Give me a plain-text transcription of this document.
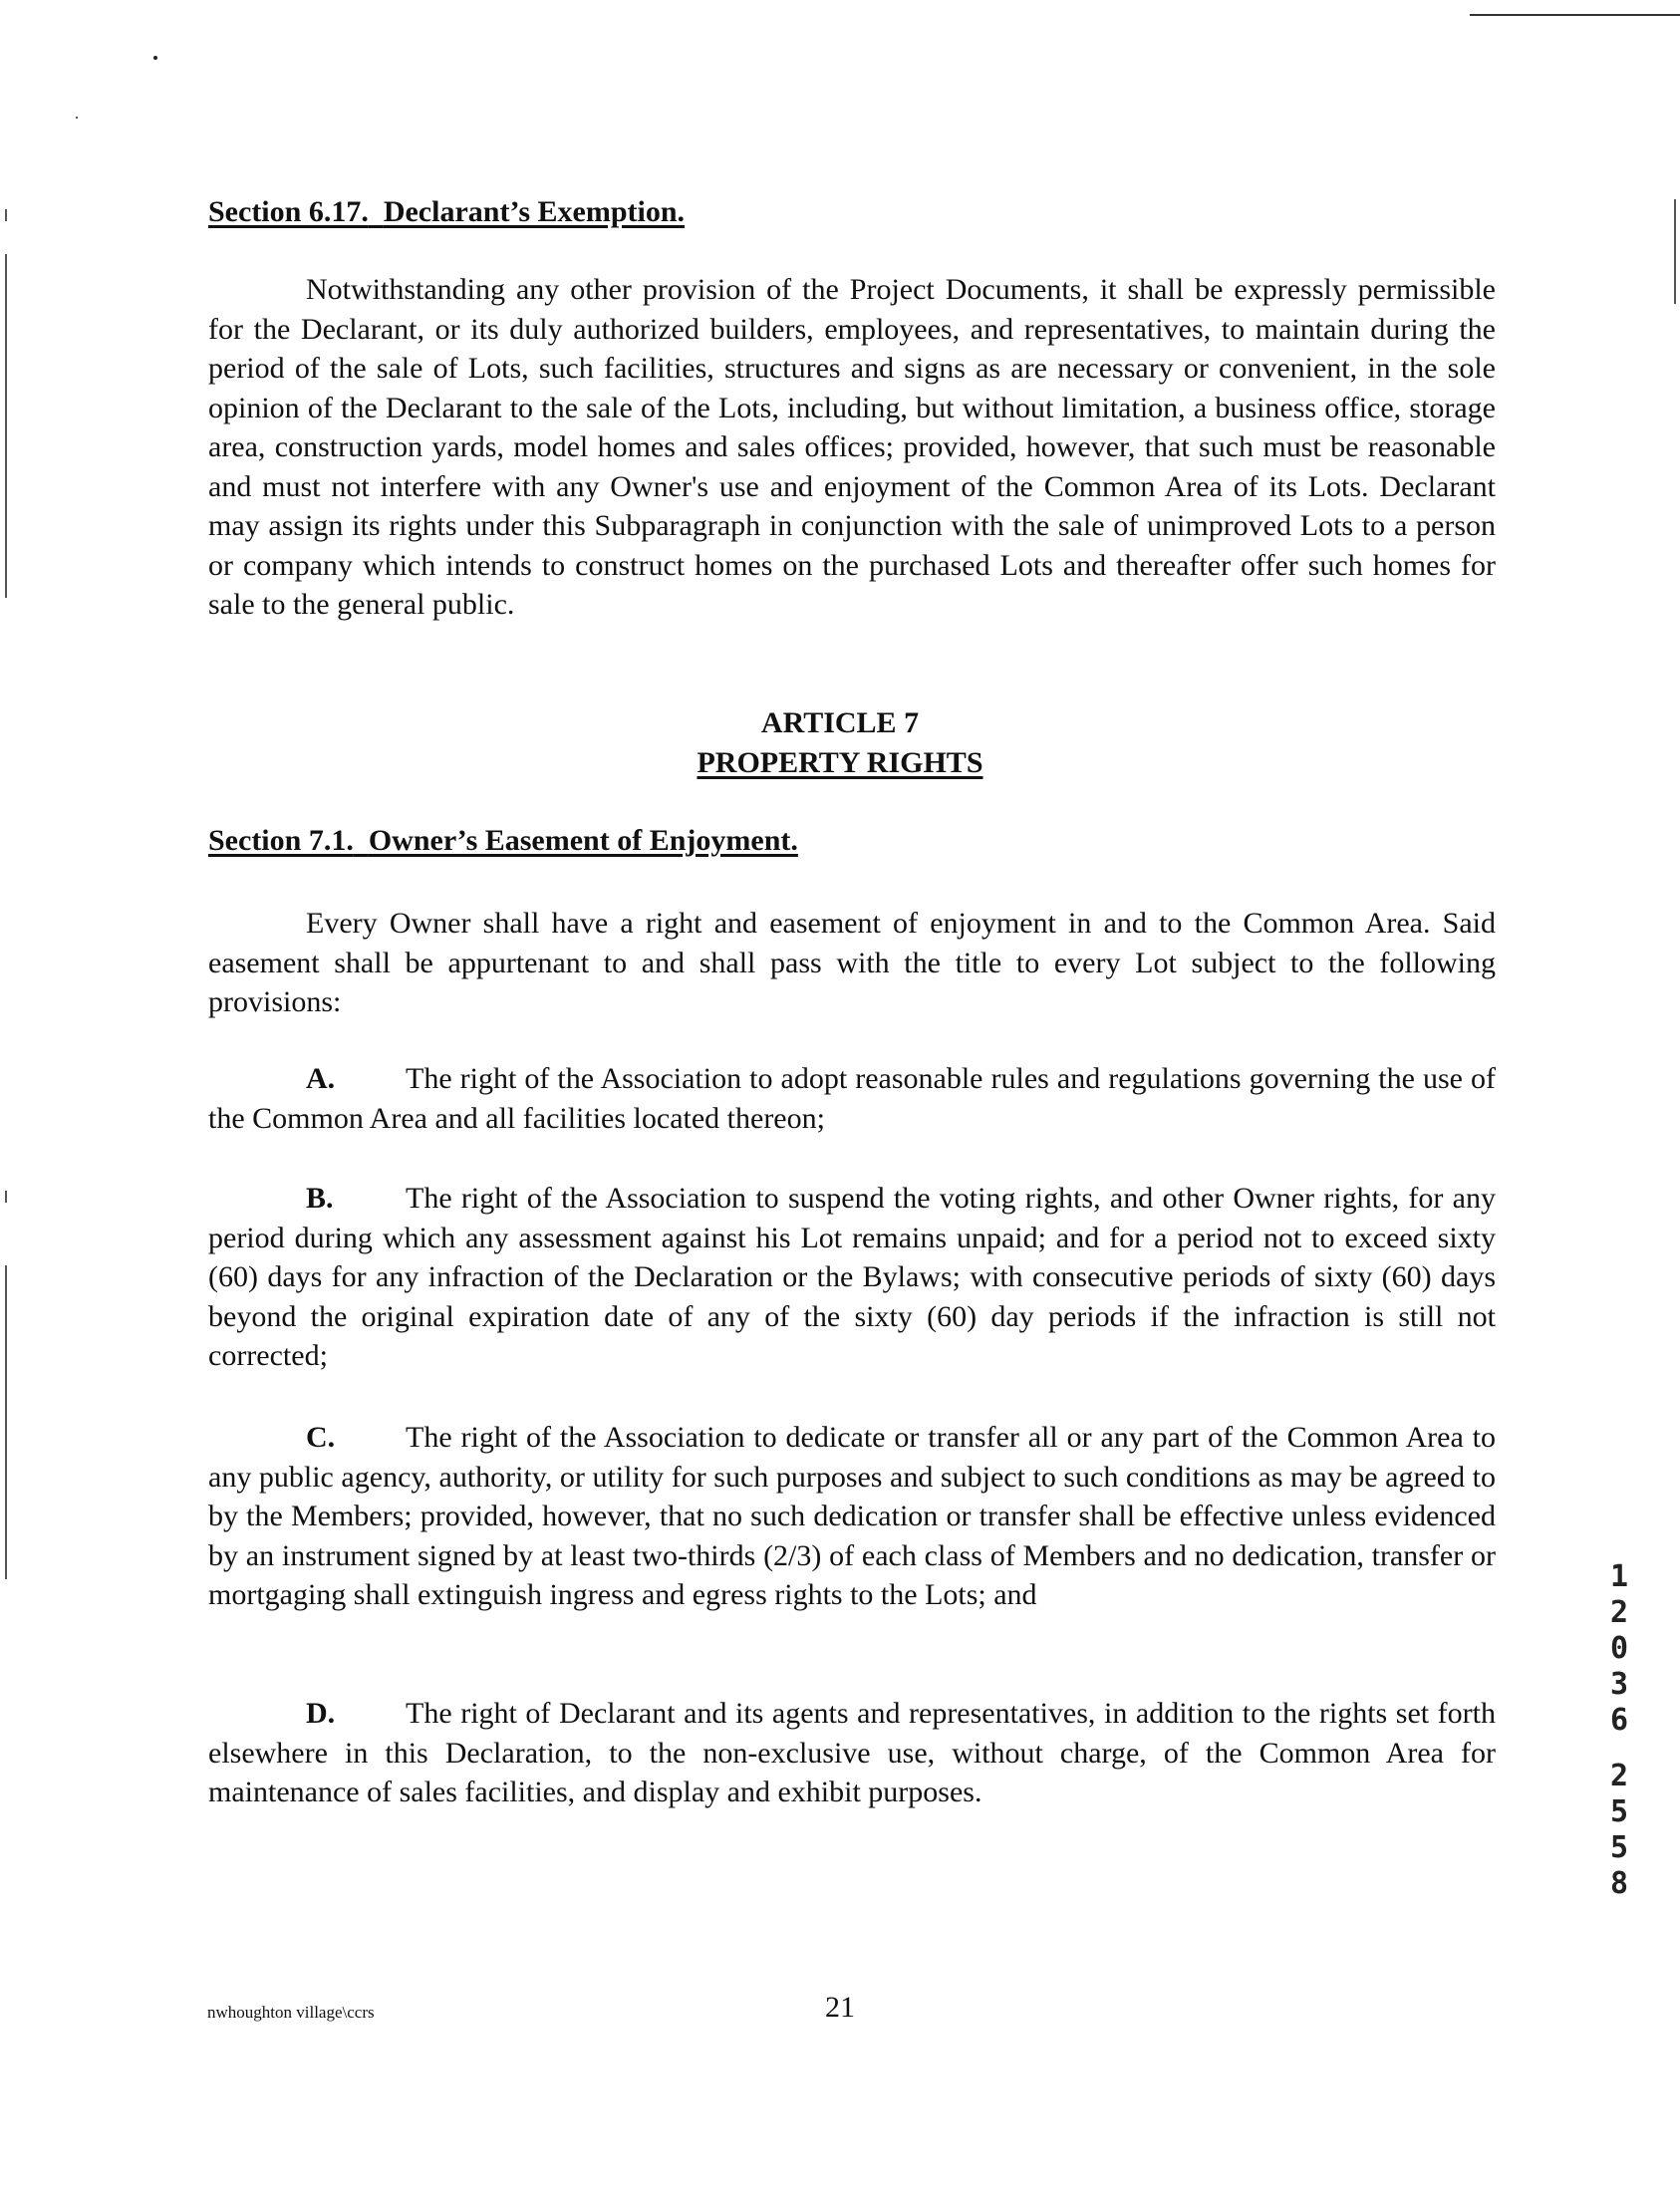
Section 6.17. Declarant’s Exemption.
Notwithstanding any other provision of the Project Documents, it shall be expressly permissible for the Declarant, or its duly authorized builders, employees, and representatives, to maintain during the period of the sale of Lots, such facilities, structures and signs as are necessary or convenient, in the sole opinion of the Declarant to the sale of the Lots, including, but without limitation, a business office, storage area, construction yards, model homes and sales offices; provided, however, that such must be reasonable and must not interfere with any Owner's use and enjoyment of the Common Area of its Lots. Declarant may assign its rights under this Subparagraph in conjunction with the sale of unimproved Lots to a person or company which intends to construct homes on the purchased Lots and thereafter offer such homes for sale to the general public.
ARTICLE 7
PROPERTY RIGHTS
Section 7.1. Owner’s Easement of Enjoyment.
Every Owner shall have a right and easement of enjoyment in and to the Common Area. Said easement shall be appurtenant to and shall pass with the title to every Lot subject to the following provisions:
A. The right of the Association to adopt reasonable rules and regulations governing the use of the Common Area and all facilities located thereon;
B. The right of the Association to suspend the voting rights, and other Owner rights, for any period during which any assessment against his Lot remains unpaid; and for a period not to exceed sixty (60) days for any infraction of the Declaration or the Bylaws; with consecutive periods of sixty (60) days beyond the original expiration date of any of the sixty (60) day periods if the infraction is still not corrected;
C. The right of the Association to dedicate or transfer all or any part of the Common Area to any public agency, authority, or utility for such purposes and subject to such conditions as may be agreed to by the Members; provided, however, that no such dedication or transfer shall be effective unless evidenced by an instrument signed by at least two-thirds (2/3) of each class of Members and no dedication, transfer or mortgaging shall extinguish ingress and egress rights to the Lots; and
D. The right of Declarant and its agents and representatives, in addition to the rights set forth elsewhere in this Declaration, to the non-exclusive use, without charge, of the Common Area for maintenance of sales facilities, and display and exhibit purposes.
nwhoughton village\ccrs	21
1
2
0
3
6
2
5
5
8
